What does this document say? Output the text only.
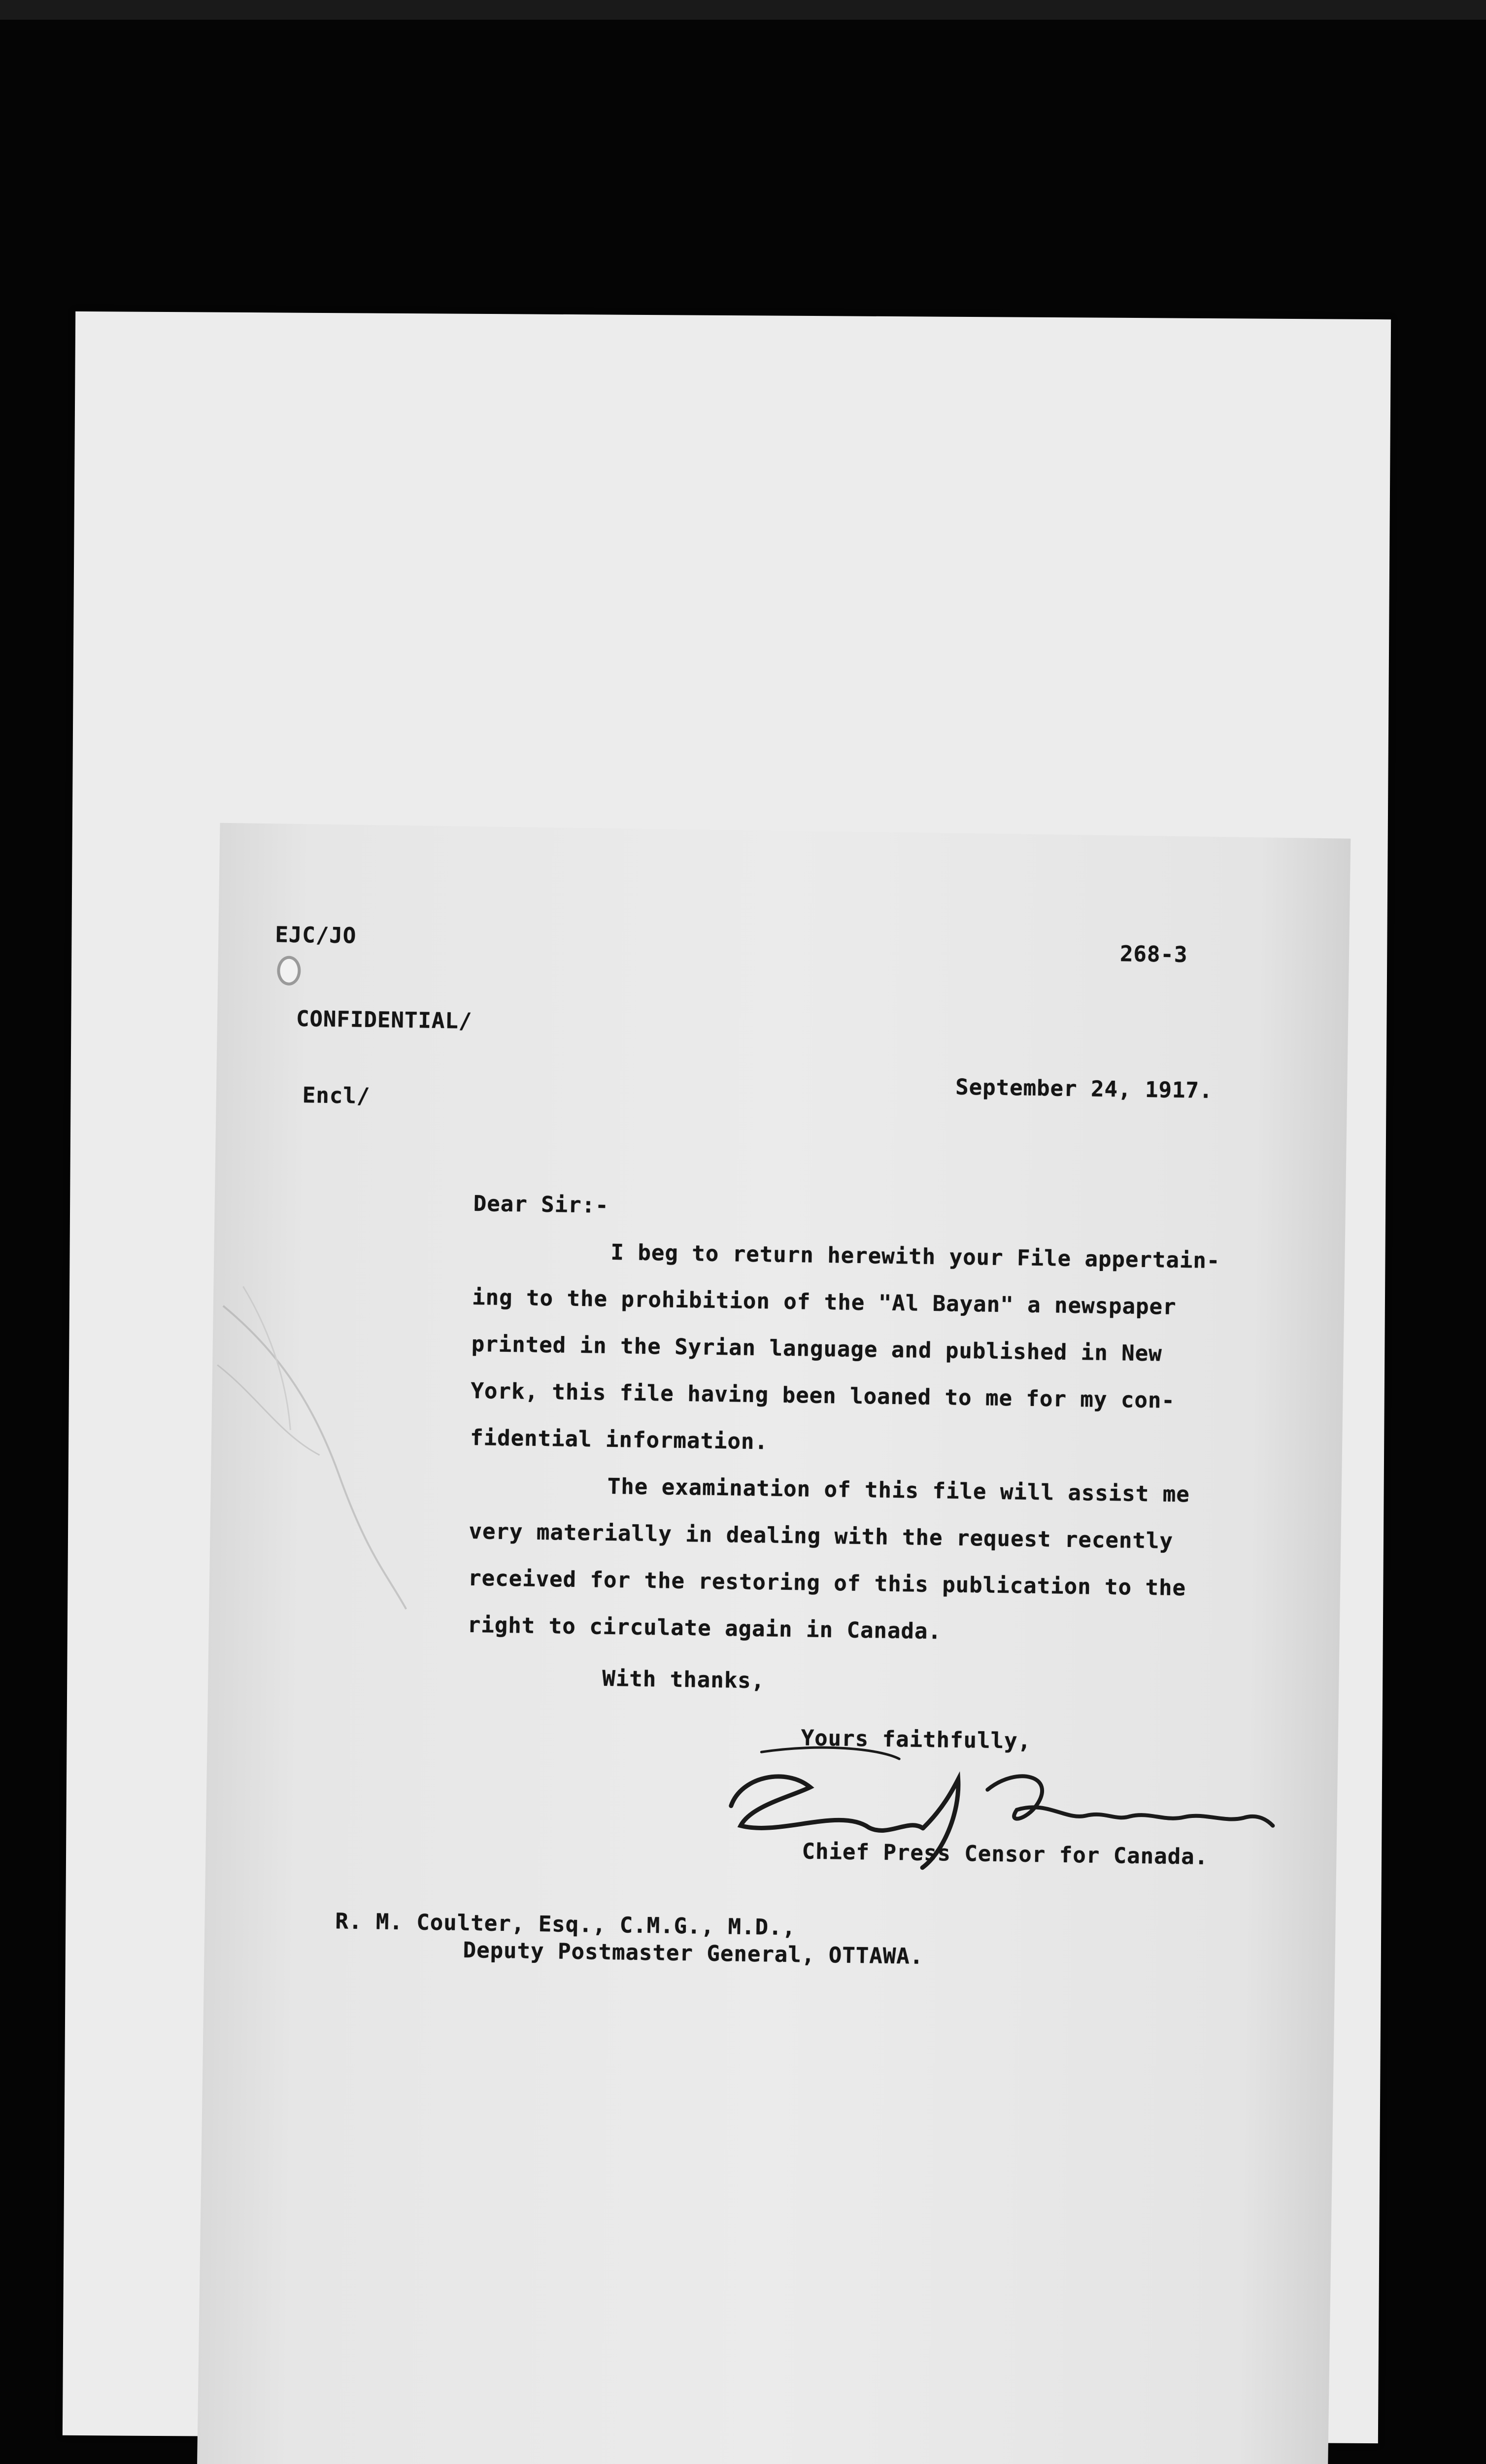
EJC/JO
268-3
CONFIDENTIAL/
September 24, 1917.
Encl/
Dear Sir:-
I beg to return herewith your File appertain-
ing to the prohibition of the "Al Bayan" a newspaper
printed in the Syrian language and published in New
York, this file having been loaned to me for my con-
fidential information.
The examination of this file will assist me
very materially in dealing with the request recently
received for the restoring of this publication to the
right to circulate again in Canada.
With thanks,
Yours faithfully,
Chief Press Censor for Canada.
R. M. Coulter, Esq., C.M.G., M.D.,
Deputy Postmaster General, OTTAWA.
